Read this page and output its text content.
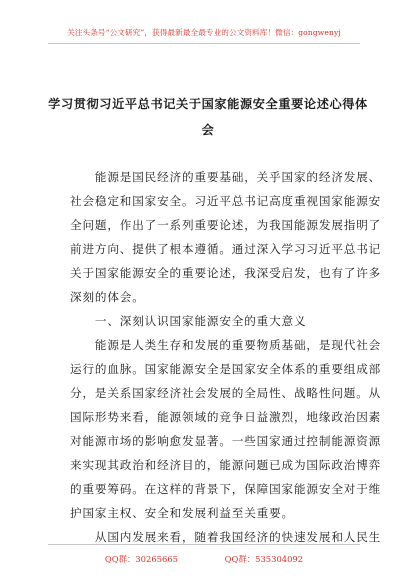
关注头条号“公文研究”，获得最新最全最专业的公文资料库！微信：gongwenyj
学习贯彻习近平总书记关于国家能源安全重要论述心得体
会
　　能源是国民经济的重要基础，关乎国家的经济发展、
社会稳定和国家安全。习近平总书记高度重视国家能源安
全问题，作出了一系列重要论述，为我国能源发展指明了
前进方向、提供了根本遵循。通过深入学习习近平总书记
关于国家能源安全的重要论述，我深受启发，也有了许多
深刻的体会。
　　一、深刻认识国家能源安全的重大意义
　　能源是人类生存和发展的重要物质基础，是现代社会
运行的血脉。国家能源安全是国家安全体系的重要组成部
分，是关系国家经济社会发展的全局性、战略性问题。从
国际形势来看，能源领域的竞争日益激烈，地缘政治因素
对能源市场的影响愈发显著。一些国家通过控制能源资源
来实现其政治和经济目的，能源问题已成为国际政治博弈
的重要筹码。在这样的背景下，保障国家能源安全对于维
护国家主权、安全和发展利益至关重要。
　　从国内发展来看，随着我国经济的快速发展和人民生
QQ群：30265665	QQ群：535304092
